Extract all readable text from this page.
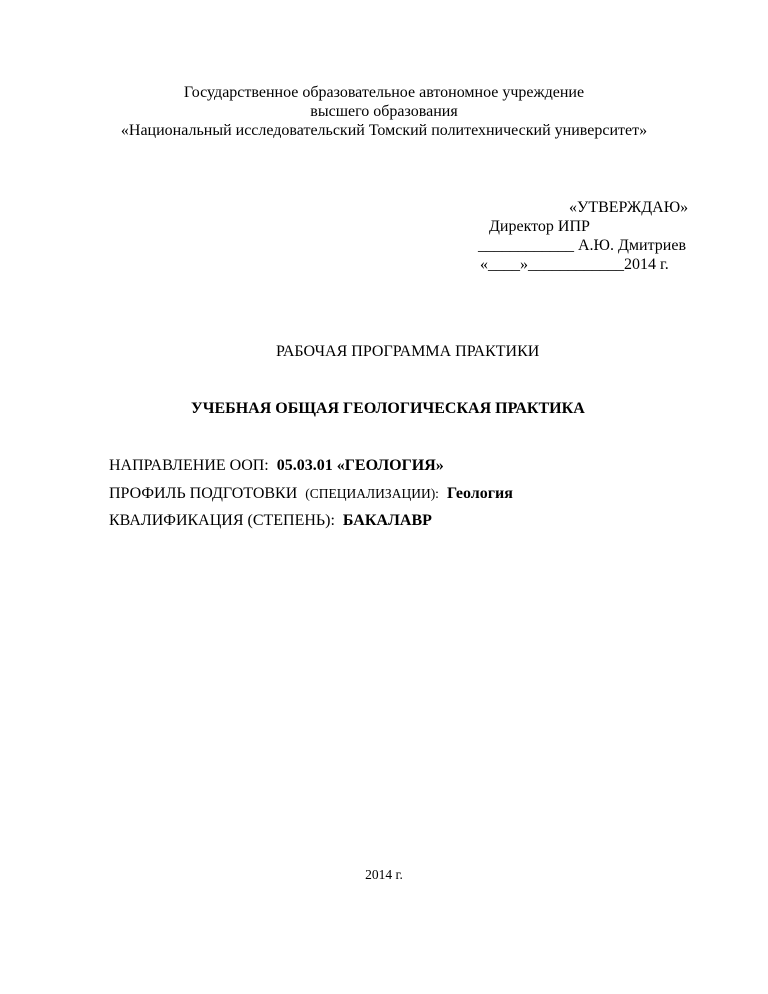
Государственное образовательное автономное учреждение
высшего образования
«Национальный исследовательский Томский политехнический университет»
«УТВЕРЖДАЮ»
Директор ИПР
____________ А.Ю. Дмитриев
«____»____________2014 г.
РАБОЧАЯ ПРОГРАММА ПРАКТИКИ
УЧЕБНАЯ ОБЩАЯ ГЕОЛОГИЧЕСКАЯ ПРАКТИКА
НАПРАВЛЕНИЕ ООП: 05.03.01 «ГЕОЛОГИЯ»
ПРОФИЛЬ ПОДГОТОВКИ (СПЕЦИАЛИЗАЦИИ): Геология
КВАЛИФИКАЦИЯ (СТЕПЕНЬ): БАКАЛАВР
2014 г.
